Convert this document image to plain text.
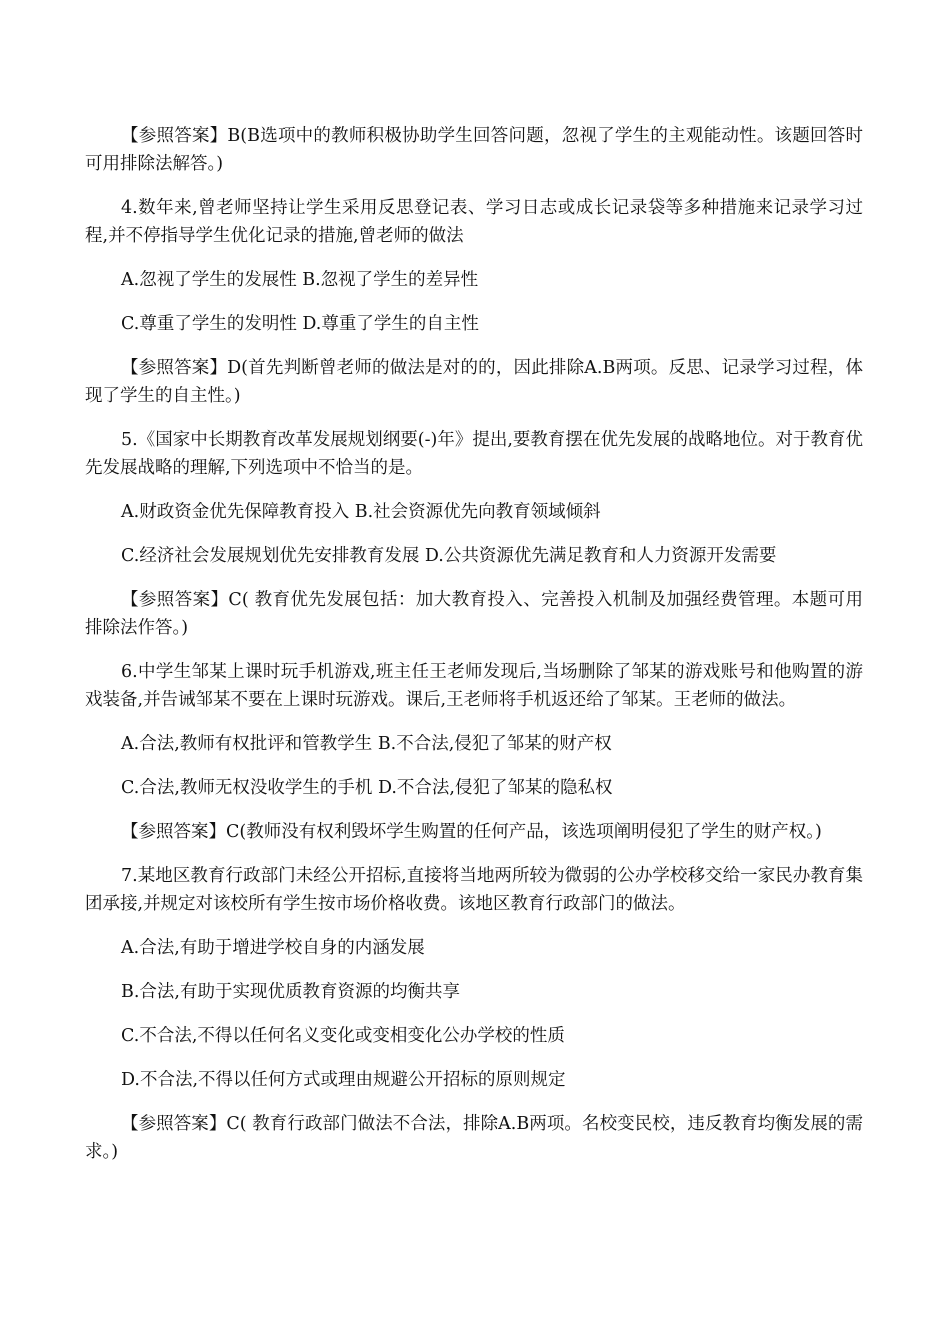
【参照答案】B(B选项中的教师积极协助学生回答问题，忽视了学生的主观能动性。该题回答时可用排除法解答。)

4.数年来,曾老师坚持让学生采用反思登记表、学习日志或成长记录袋等多种措施来记录学习过程,并不停指导学生优化记录的措施,曾老师的做法

A.忽视了学生的发展性 B.忽视了学生的差异性

C.尊重了学生的发明性 D.尊重了学生的自主性

【参照答案】D(首先判断曾老师的做法是对的的，因此排除A.B两项。反思、记录学习过程，体现了学生的自主性。)

5.《国家中长期教育改革发展规划纲要(-)年》提出,要教育摆在优先发展的战略地位。对于教育优先发展战略的理解,下列选项中不恰当的是。

A.财政资金优先保障教育投入 B.社会资源优先向教育领域倾斜

C.经济社会发展规划优先安排教育发展 D.公共资源优先满足教育和人力资源开发需要

【参照答案】C( 教育优先发展包括：加大教育投入、完善投入机制及加强经费管理。本题可用排除法作答。)

6.中学生邹某上课时玩手机游戏,班主任王老师发现后,当场删除了邹某的游戏账号和他购置的游戏装备,并告诫邹某不要在上课时玩游戏。课后,王老师将手机返还给了邹某。王老师的做法。

A.合法,教师有权批评和管教学生 B.不合法,侵犯了邹某的财产权

C.合法,教师无权没收学生的手机 D.不合法,侵犯了邹某的隐私权

【参照答案】C(教师没有权利毁坏学生购置的任何产品，该选项阐明侵犯了学生的财产权。)

7.某地区教育行政部门未经公开招标,直接将当地两所较为微弱的公办学校移交给一家民办教育集团承接,并规定对该校所有学生按市场价格收费。该地区教育行政部门的做法。

A.合法,有助于增进学校自身的内涵发展

B.合法,有助于实现优质教育资源的均衡共享

C.不合法,不得以任何名义变化或变相变化公办学校的性质

D.不合法,不得以任何方式或理由规避公开招标的原则规定

【参照答案】C( 教育行政部门做法不合法，排除A.B两项。名校变民校，违反教育均衡发展的需求。)
